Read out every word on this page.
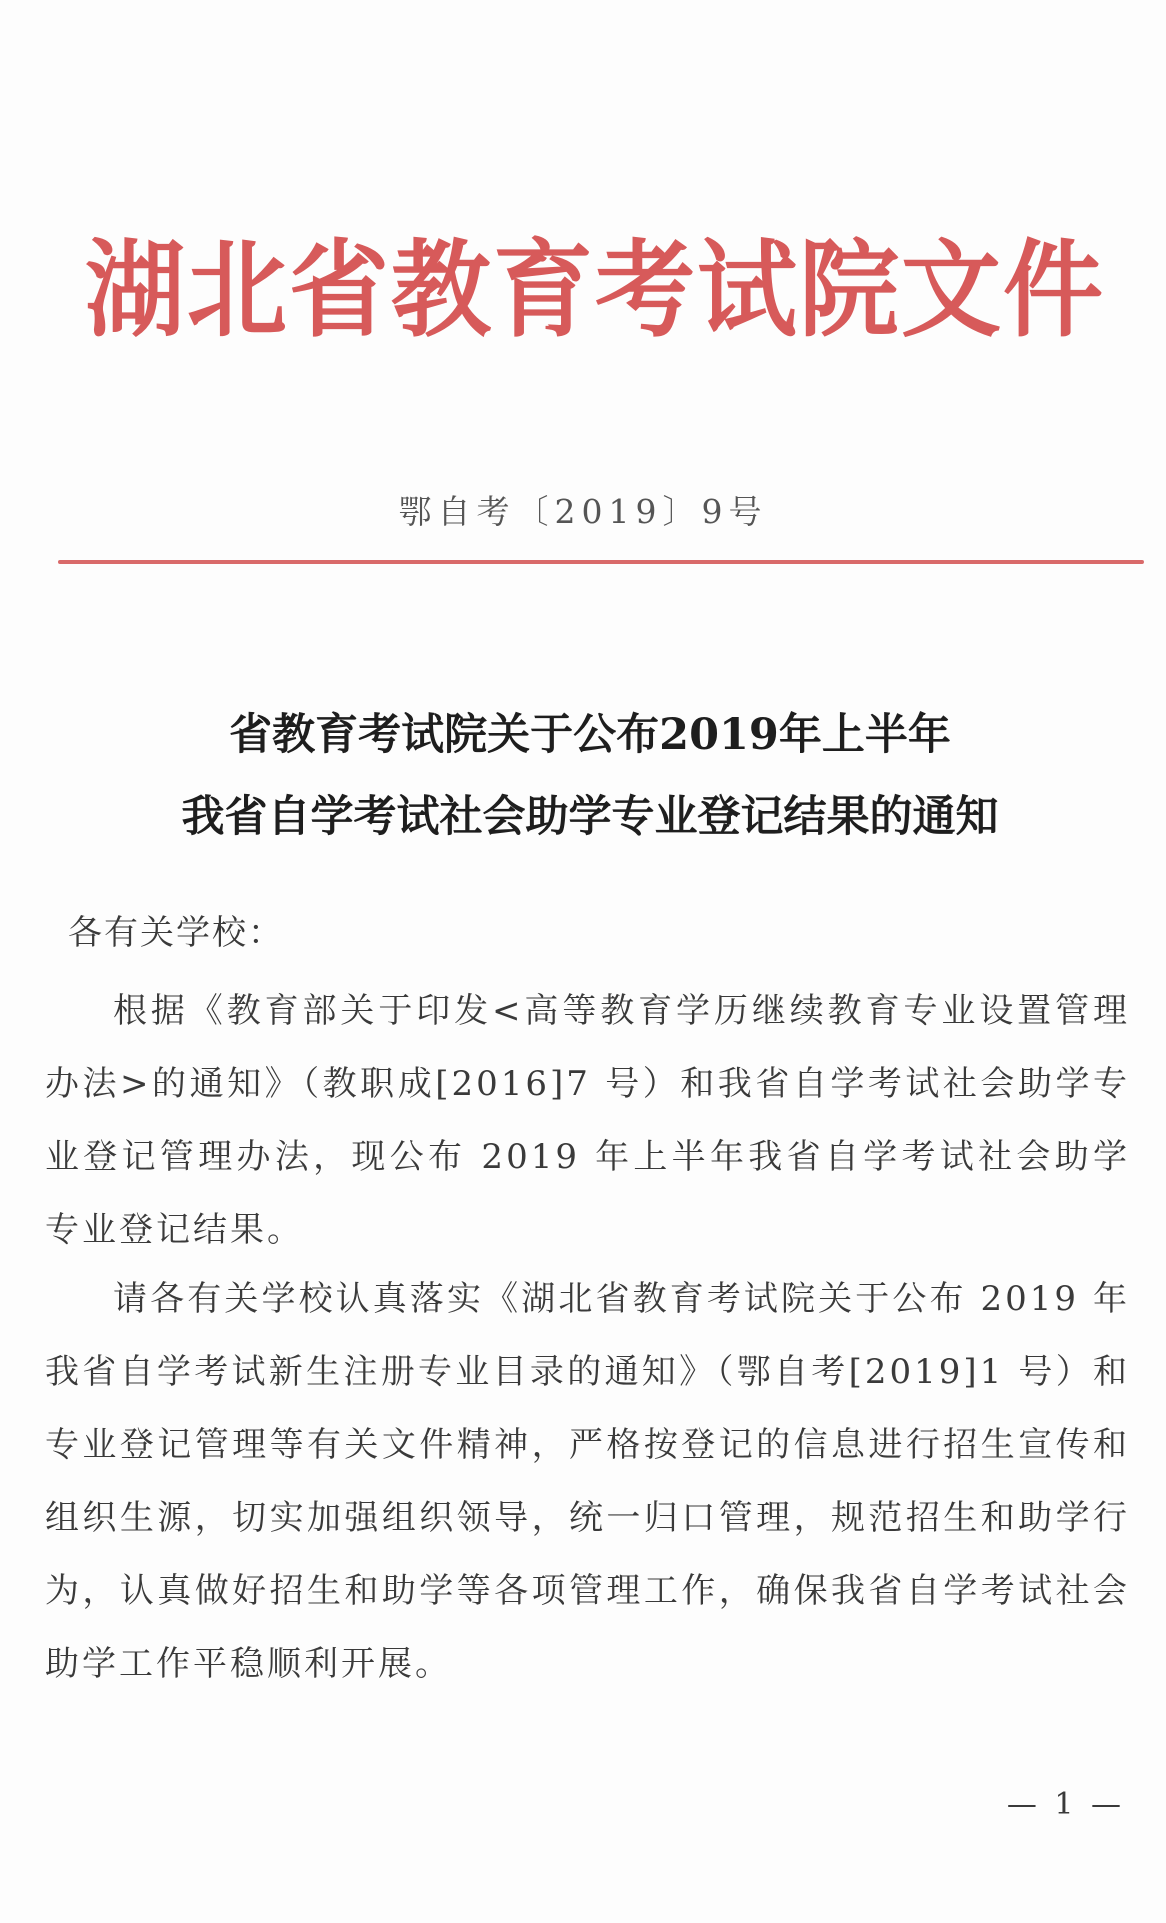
湖北省教育考试院文件
鄂自考〔2019〕9号
省教育考试院关于公布2019年上半年
我省自学考试社会助学专业登记结果的通知
各有关学校：

根据《教育部关于印发<高等教育学历继续教育专业设置管理办法>的通知》（教职成[2016]7 号）和我省自学考试社会助学专业登记管理办法，现公布 2019 年上半年我省自学考试社会助学专业登记结果。

请各有关学校认真落实《湖北省教育考试院关于公布 2019 年我省自学考试新生注册专业目录的通知》（鄂自考[2019]1 号）和专业登记管理等有关文件精神，严格按登记的信息进行招生宣传和组织生源，切实加强组织领导，统一归口管理，规范招生和助学行为，认真做好招生和助学等各项管理工作，确保我省自学考试社会助学工作平稳顺利开展。

— 1 —
